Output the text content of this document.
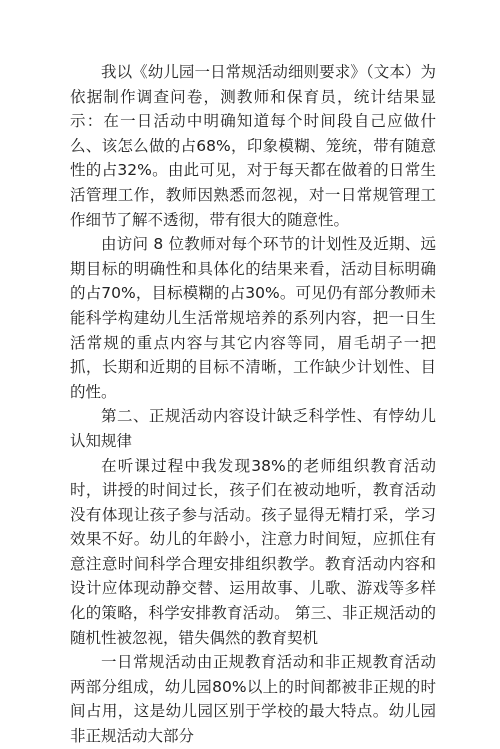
我以《幼儿园一日常规活动细则要求》（文本）为依据制作调查问卷，测教师和保育员，统计结果显示：在一日活动中明确知道每个时间段自己应做什么、该怎么做的占68%，印象模糊、笼统，带有随意性的占32%。由此可见，对于每天都在做着的日常生活管理工作，教师因熟悉而忽视，对一日常规管理工作细节了解不透彻，带有很大的随意性。

由访问 8 位教师对每个环节的计划性及近期、远期目标的明确性和具体化的结果来看，活动目标明确的占70%，目标模糊的占30%。可见仍有部分教师未能科学构建幼儿生活常规培养的系列内容，把一日生活常规的重点内容与其它内容等同，眉毛胡子一把抓，长期和近期的目标不清晰，工作缺少计划性、目的性。

第二、正规活动内容设计缺乏科学性、有悖幼儿认知规律

在听课过程中我发现38%的老师组织教育活动时，讲授的时间过长，孩子们在被动地听，教育活动没有体现让孩子参与活动。孩子显得无精打采，学习效果不好。幼儿的年龄小，注意力时间短，应抓住有意注意时间科学合理安排组织教学。教育活动内容和设计应体现动静交替、运用故事、儿歌、游戏等多样化的策略，科学安排教育活动。 第三、非正规活动的随机性被忽视，错失偶然的教育契机

一日常规活动由正规教育活动和非正规教育活动两部分组成，幼儿园80%以上的时间都被非正规的时间占用，这是幼儿园区别于学校的最大特点。幼儿园非正规活动大部分
